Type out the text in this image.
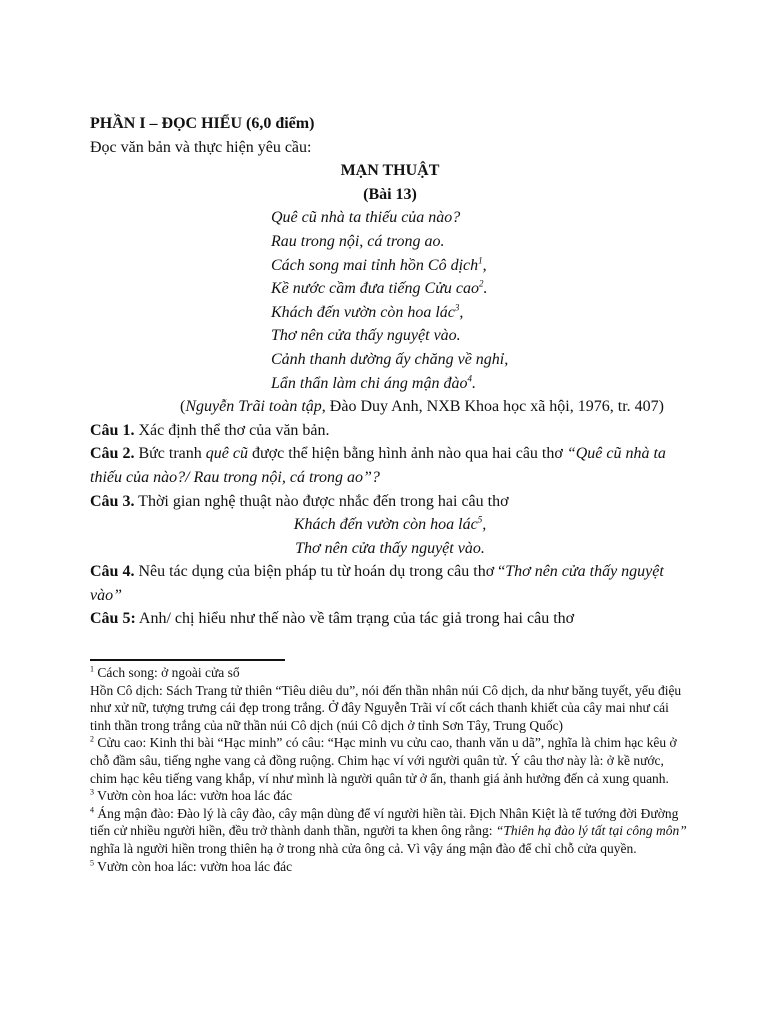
PHẦN I – ĐỌC HIỂU (6,0 điểm)
Đọc văn bản và thực hiện yêu cầu:
MẠN THUẬT
(Bài 13)
Quê cũ nhà ta thiếu của nào?
Rau trong nội, cá trong ao.
Cách song mai tỉnh hồn Cô dịch$^1$,
Kề nước cầm đưa tiếng Cửu cao$^2$.
Khách đến vườn còn hoa lác$^3$,
Thơ nên cửa thấy nguyệt vào.
Cảnh thanh dường ấy chăng về nghỉ,
Lẩn thẩn làm chi áng mận đào$^4$.
(Nguyễn Trãi toàn tập, Đào Duy Anh, NXB Khoa học xã hội, 1976, tr. 407)
Câu 1. Xác định thể thơ của văn bản.
Câu 2. Bức tranh quê cũ được thể hiện bằng hình ảnh nào qua hai câu thơ “Quê cũ nhà ta thiếu của nào?/ Rau trong nội, cá trong ao”?
Câu 3. Thời gian nghệ thuật nào được nhắc đến trong hai câu thơ
Khách đến vườn còn hoa lác$^5$,
Thơ nên cửa thấy nguyệt vào.
Câu 4. Nêu tác dụng của biện pháp tu từ hoán dụ trong câu thơ “Thơ nên cửa thấy nguyệt vào”
Câu 5: Anh/ chị hiểu như thế nào về tâm trạng của tác giả trong hai câu thơ

$^1$ Cách song: ở ngoài cửa sổ

Hồn Cô dịch: Sách Trang tử thiên “Tiêu diêu du”, nói đến thần nhân núi Cô dịch, da như băng tuyết, yểu điệu như xử nữ, tượng trưng cái đẹp trong trắng. Ở đây Nguyễn Trãi ví cốt cách thanh khiết của cây mai như cái tinh thần trong trắng của nữ thần núi Cô dịch (núi Cô dịch ở tỉnh Sơn Tây, Trung Quốc)

$^2$ Cửu cao: Kinh thi bài “Hạc minh” có câu: “Hạc minh vu cửu cao, thanh văn u dã”, nghĩa là chim hạc kêu ở chỗ đầm sâu, tiếng nghe vang cả đồng ruộng. Chim hạc ví với người quân tử. Ý câu thơ này là: ở kề nước, chim hạc kêu tiếng vang khắp, ví như mình là người quân tử ở ẩn, thanh giá ảnh hưởng đến cả xung quanh.

$^3$ Vườn còn hoa lác: vườn hoa lác đác

$^4$ Áng mận đào: Đào lý là cây đào, cây mận dùng để ví người hiền tài. Địch Nhân Kiệt là tể tướng đời Đường tiến cử nhiều người hiền, đều trở thành danh thần, người ta khen ông rằng: “Thiên hạ đào lý tất tại công môn” nghĩa là người hiền trong thiên hạ ở trong nhà cửa ông cả. Vì vậy áng mận đào để chỉ chỗ cửa quyền.

$^5$ Vườn còn hoa lác: vườn hoa lác đác
